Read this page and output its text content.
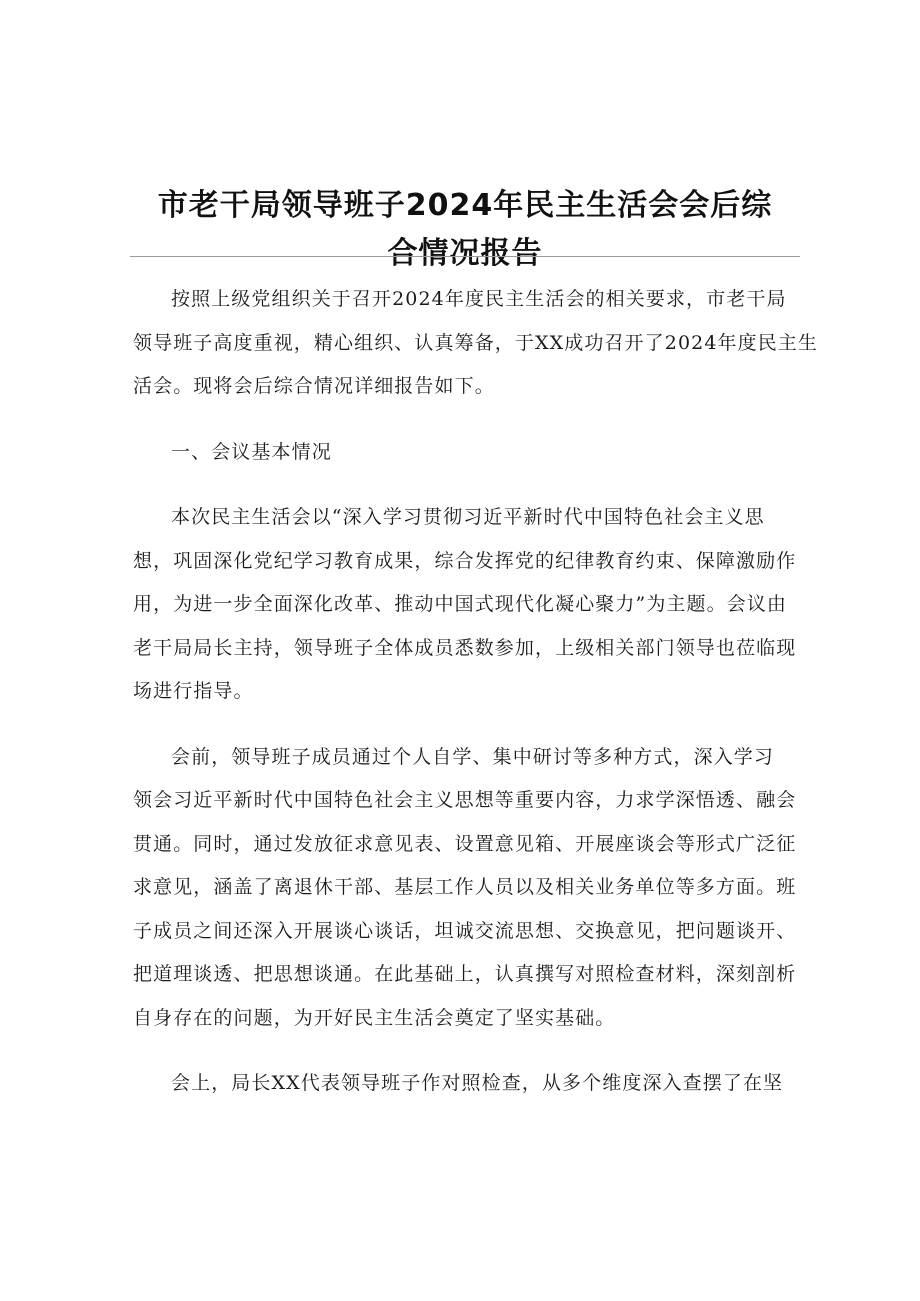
市老干局领导班子2024年民主生活会会后综
合情况报告

按照上级党组织关于召开2024年度民主生活会的相关要求，市老干局
领导班子高度重视，精心组织、认真筹备，于XX成功召开了2024年度民主生
活会。现将会后综合情况详细报告如下。

一、会议基本情况

本次民主生活会以“深入学习贯彻习近平新时代中国特色社会主义思
想，巩固深化党纪学习教育成果，综合发挥党的纪律教育约束、保障激励作
用，为进一步全面深化改革、推动中国式现代化凝心聚力”为主题。会议由
老干局局长主持，领导班子全体成员悉数参加，上级相关部门领导也莅临现
场进行指导。

会前，领导班子成员通过个人自学、集中研讨等多种方式，深入学习
领会习近平新时代中国特色社会主义思想等重要内容，力求学深悟透、融会
贯通。同时，通过发放征求意见表、设置意见箱、开展座谈会等形式广泛征
求意见，涵盖了离退休干部、基层工作人员以及相关业务单位等多方面。班
子成员之间还深入开展谈心谈话，坦诚交流思想、交换意见，把问题谈开、
把道理谈透、把思想谈通。在此基础上，认真撰写对照检查材料，深刻剖析
自身存在的问题，为开好民主生活会奠定了坚实基础。

会上，局长XX代表领导班子作对照检查，从多个维度深入查摆了在坚
